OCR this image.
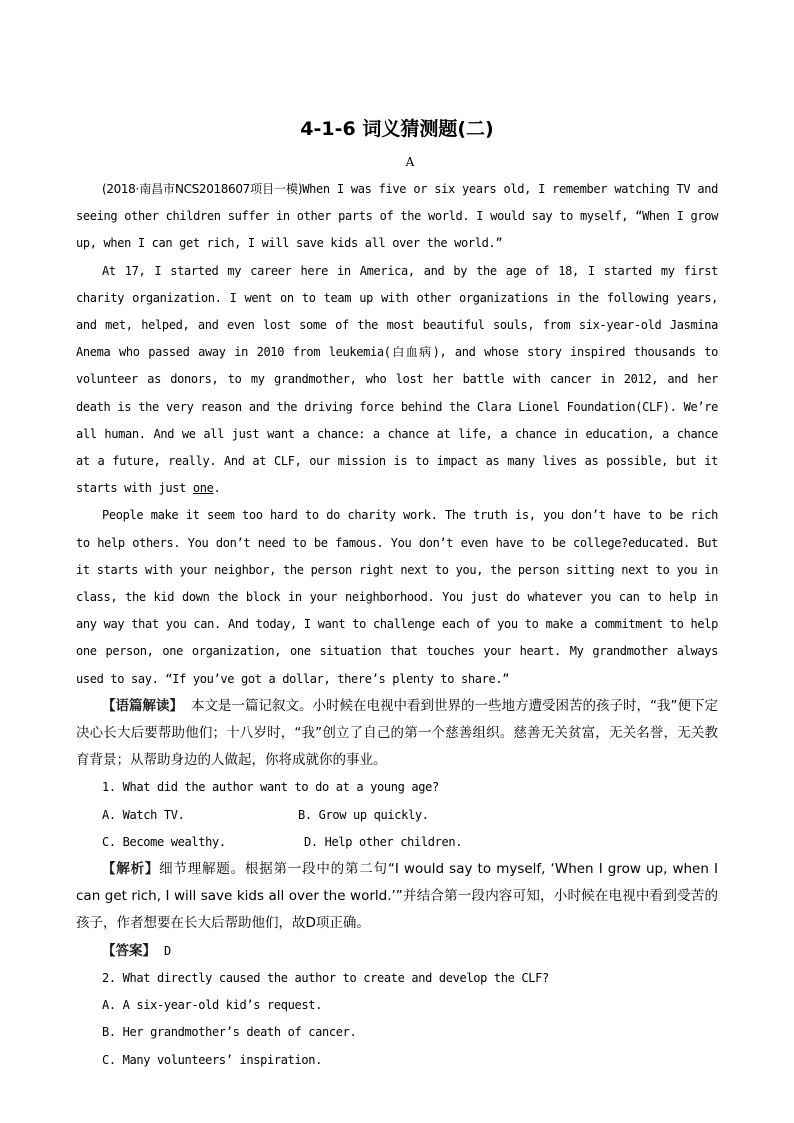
4-1-6 词义猜测题(二)
A

(2018·南昌市NCS2018607项目一模)When I was five or six years old, I remember watching TV and seeing other children suffer in other parts of the world. I would say to myself, “When I grow up, when I can get rich, I will save kids all over the world.”

At 17, I started my career here in America, and by the age of 18, I started my first charity organization. I went on to team up with other organizations in the following years, and met, helped, and even lost some of the most beautiful souls, from six-year-old Jasmina Anema who passed away in 2010 from leukemia(白血病), and whose story inspired thousands to volunteer as donors, to my grandmother, who lost her battle with cancer in 2012, and her death is the very reason and the driving force behind the Clara Lionel Foundation(CLF). We’re all human. And we all just want a chance: a chance at life, a chance in education, a chance at a future, really. And at CLF, our mission is to impact as many lives as possible, but it starts with just one.

People make it seem too hard to do charity work. The truth is, you don’t have to be rich to help others. You don’t need to be famous. You don’t even have to be college?educated. But it starts with your neighbor, the person right next to you, the person sitting next to you in class, the kid down the block in your neighborhood. You just do whatever you can to help in any way that you can. And today, I want to challenge each of you to make a commitment to help one person, one organization, one situation that touches your heart. My grandmother always used to say. “If you’ve got a dollar, there’s plenty to share.”

【语篇解读】 本文是一篇记叙文。小时候在电视中看到世界的一些地方遭受困苦的孩子时，“我”便下定决心长大后要帮助他们；十八岁时，“我”创立了自己的第一个慈善组织。慈善无关贫富，无关名誉，无关教育背景；从帮助身边的人做起，你将成就你的事业。

1. What did the author want to do at a young age?

A. Watch TV.	B. Grow up quickly.
C. Become wealthy.	D. Help other children.

【解析】细节理解题。根据第一段中的第二句“I would say to myself, ‘When I grow up, when I can get rich, I will save kids all over the world.’”并结合第一段内容可知，小时候在电视中看到受苦的孩子，作者想要在长大后帮助他们，故D项正确。

【答案】 D

2. What directly caused the author to create and develop the CLF?

A. A six-year-old kid’s request.

B. Her grandmother’s death of cancer.

C. Many volunteers’ inspiration.
